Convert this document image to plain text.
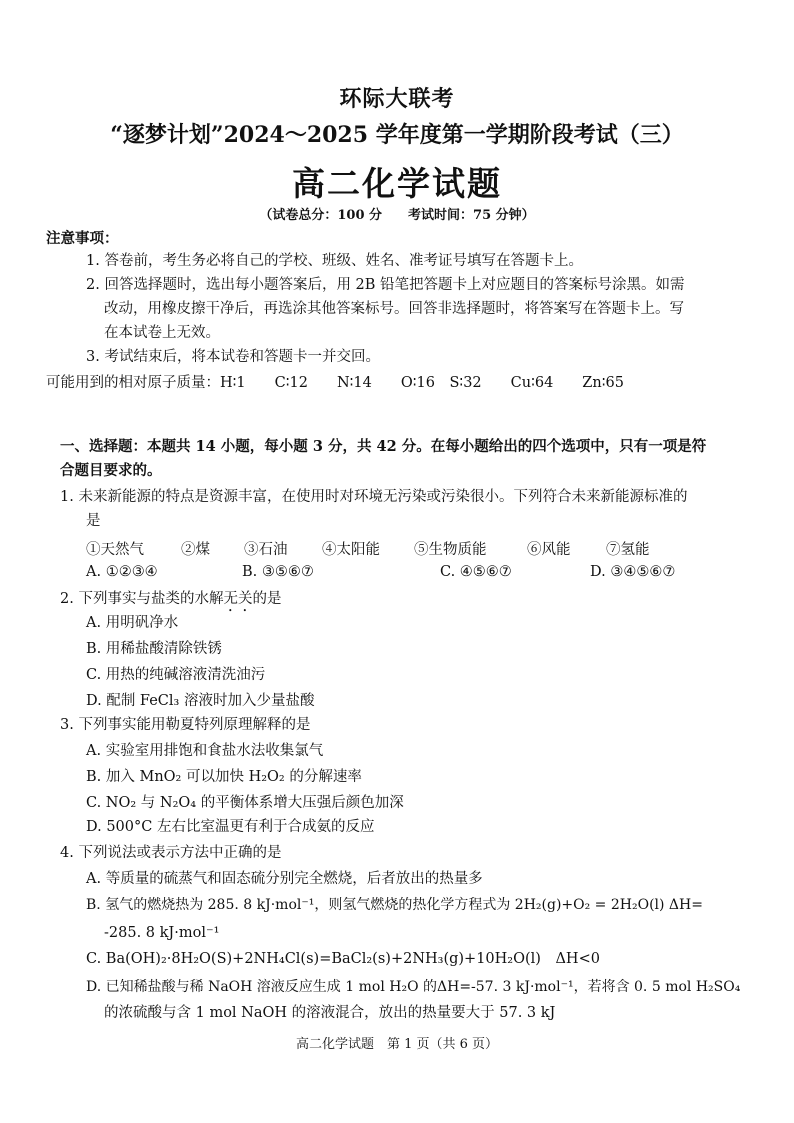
环际大联考
“逐梦计划”2024～2025 学年度第一学期阶段考试（三）
高二化学试题
（试卷总分：100 分　　考试时间：75 分钟）
注意事项：
1. 答卷前，考生务必将自己的学校、班级、姓名、准考证号填写在答题卡上。
2. 回答选择题时，选出每小题答案后，用 2B 铅笔把答题卡上对应题目的答案标号涂黑。如需
改动，用橡皮擦干净后，再选涂其他答案标号。回答非选择题时，将答案写在答题卡上。写
在本试卷上无效。
3. 考试结束后，将本试卷和答题卡一并交回。
可能用到的相对原子质量：H∶1　　C∶12　　N∶14　　O∶16　S∶32　　Cu∶64　　Zn∶65
一、选择题：本题共 14 小题，每小题 3 分，共 42 分。在每小题给出的四个选项中，只有一项是符
合题目要求的。
1. 未来新能源的特点是资源丰富，在使用时对环境无污染或污染很小。下列符合未来新能源标准的
是
①天然气	②煤 ③石油 ④太阳能 ⑤生物质能	⑥风能 ⑦氢能
A. ①②③④	B. ③⑤⑥⑦	C. ④⑤⑥⑦	D. ③④⑤⑥⑦
2. 下列事实与盐类的水解无关的是
A. 用明矾净水
B. 用稀盐酸清除铁锈
C. 用热的纯碱溶液清洗油污
D. 配制 FeCl₃ 溶液时加入少量盐酸
3. 下列事实能用勒夏特列原理解释的是
A. 实验室用排饱和食盐水法收集氯气
B. 加入 MnO₂ 可以加快 H₂O₂ 的分解速率
C. NO₂ 与 N₂O₄ 的平衡体系增大压强后颜色加深
D. 500°C 左右比室温更有利于合成氨的反应
4. 下列说法或表示方法中正确的是
A. 等质量的硫蒸气和固态硫分别完全燃烧，后者放出的热量多
B. 氢气的燃烧热为 285. 8 kJ·mol⁻¹，则氢气燃烧的热化学方程式为 2H₂(g)+O₂ = 2H₂O(l) ΔH=
-285. 8 kJ·mol⁻¹
C. Ba(OH)₂·8H₂O(S)+2NH₄Cl(s)=BaCl₂(s)+2NH₃(g)+10H₂O(l)　ΔH<0
D. 已知稀盐酸与稀 NaOH 溶液反应生成 1 mol H₂O 的ΔH=-57. 3 kJ·mol⁻¹，若将含 0. 5 mol H₂SO₄
的浓硫酸与含 1 mol NaOH 的溶液混合，放出的热量要大于 57. 3 kJ
高二化学试题　第 1 页（共 6 页）
